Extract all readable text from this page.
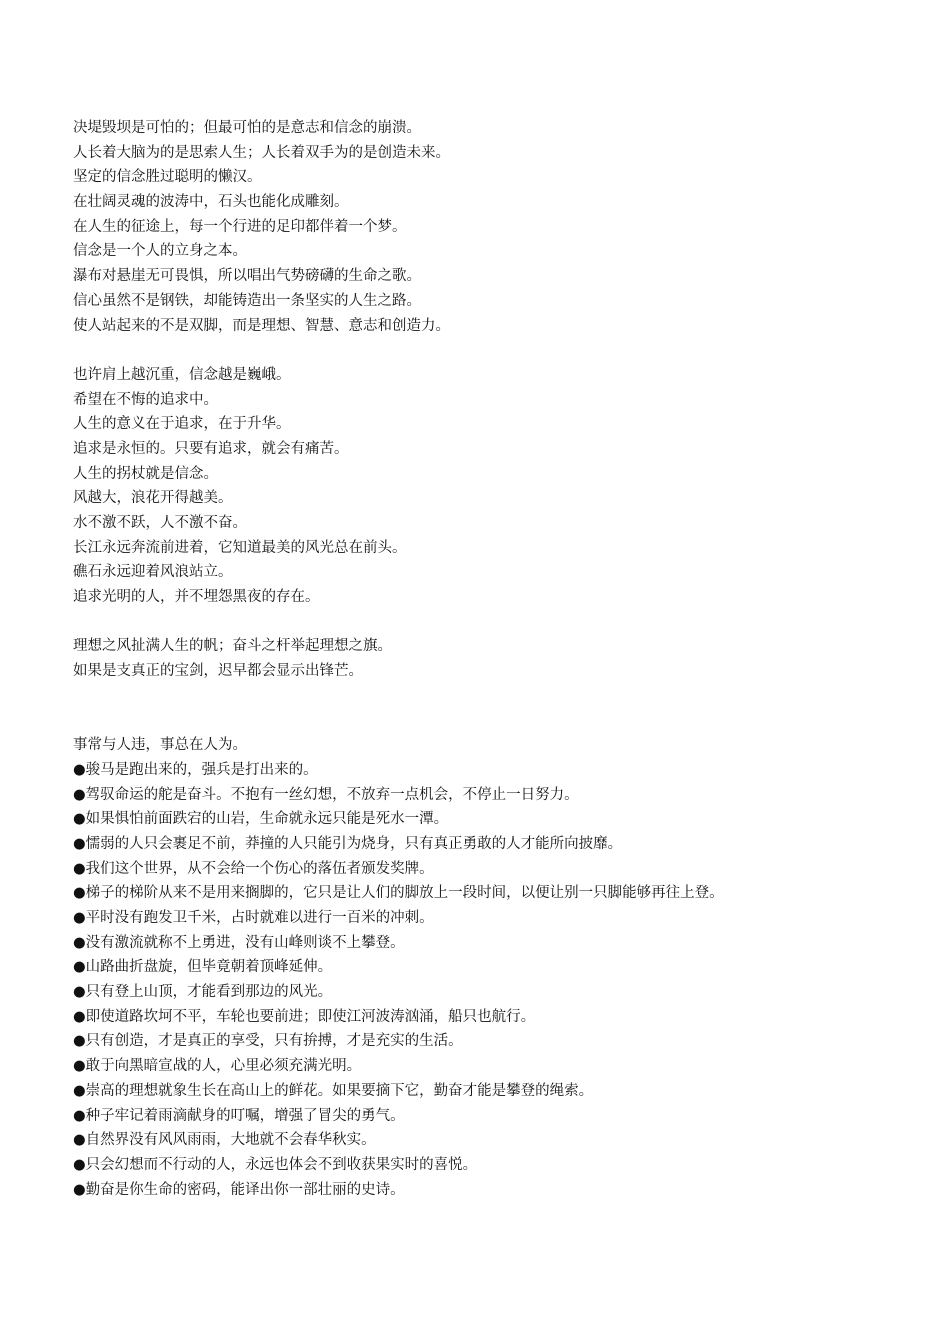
决堤毁坝是可怕的；但最可怕的是意志和信念的崩溃。
人长着大脑为的是思索人生；人长着双手为的是创造未来。
坚定的信念胜过聪明的懒汉。
在壮阔灵魂的波涛中，石头也能化成雕刻。
在人生的征途上，每一个行进的足印都伴着一个梦。
信念是一个人的立身之本。
瀑布对悬崖无可畏惧，所以唱出气势磅礴的生命之歌。
信心虽然不是钢铁，却能铸造出一条坚实的人生之路。
使人站起来的不是双脚，而是理想、智慧、意志和创造力。
也许肩上越沉重，信念越是巍峨。
希望在不悔的追求中。
人生的意义在于追求，在于升华。
追求是永恒的。只要有追求，就会有痛苦。
人生的拐杖就是信念。
风越大，浪花开得越美。
水不激不跃，人不激不奋。
长江永远奔流前进着，它知道最美的风光总在前头。
礁石永远迎着风浪站立。
追求光明的人，并不埋怨黑夜的存在。
理想之风扯满人生的帆；奋斗之杆举起理想之旗。
如果是支真正的宝剑，迟早都会显示出锋芒。
事常与人违，事总在人为。
●骏马是跑出来的，强兵是打出来的。
●驾驭命运的舵是奋斗。不抱有一丝幻想，不放弃一点机会，不停止一日努力。
●如果惧怕前面跌宕的山岩，生命就永远只能是死水一潭。
●懦弱的人只会裹足不前，莽撞的人只能引为烧身，只有真正勇敢的人才能所向披靡。
●我们这个世界，从不会给一个伤心的落伍者颁发奖牌。
●梯子的梯阶从来不是用来搁脚的，它只是让人们的脚放上一段时间，以便让别一只脚能够再往上登。
●平时没有跑发卫千米，占时就难以进行一百米的冲刺。
●没有激流就称不上勇进，没有山峰则谈不上攀登。
●山路曲折盘旋，但毕竟朝着顶峰延伸。
●只有登上山顶，才能看到那边的风光。
●即使道路坎坷不平，车轮也要前进；即使江河波涛汹涌，船只也航行。
●只有创造，才是真正的享受，只有拚搏，才是充实的生活。
●敢于向黑暗宣战的人，心里必须充满光明。
●崇高的理想就象生长在高山上的鲜花。如果要摘下它，勤奋才能是攀登的绳索。
●种子牢记着雨滴献身的叮嘱，增强了冒尖的勇气。
●自然界没有风风雨雨，大地就不会春华秋实。
●只会幻想而不行动的人，永远也体会不到收获果实时的喜悦。
●勤奋是你生命的密码，能译出你一部壮丽的史诗。
